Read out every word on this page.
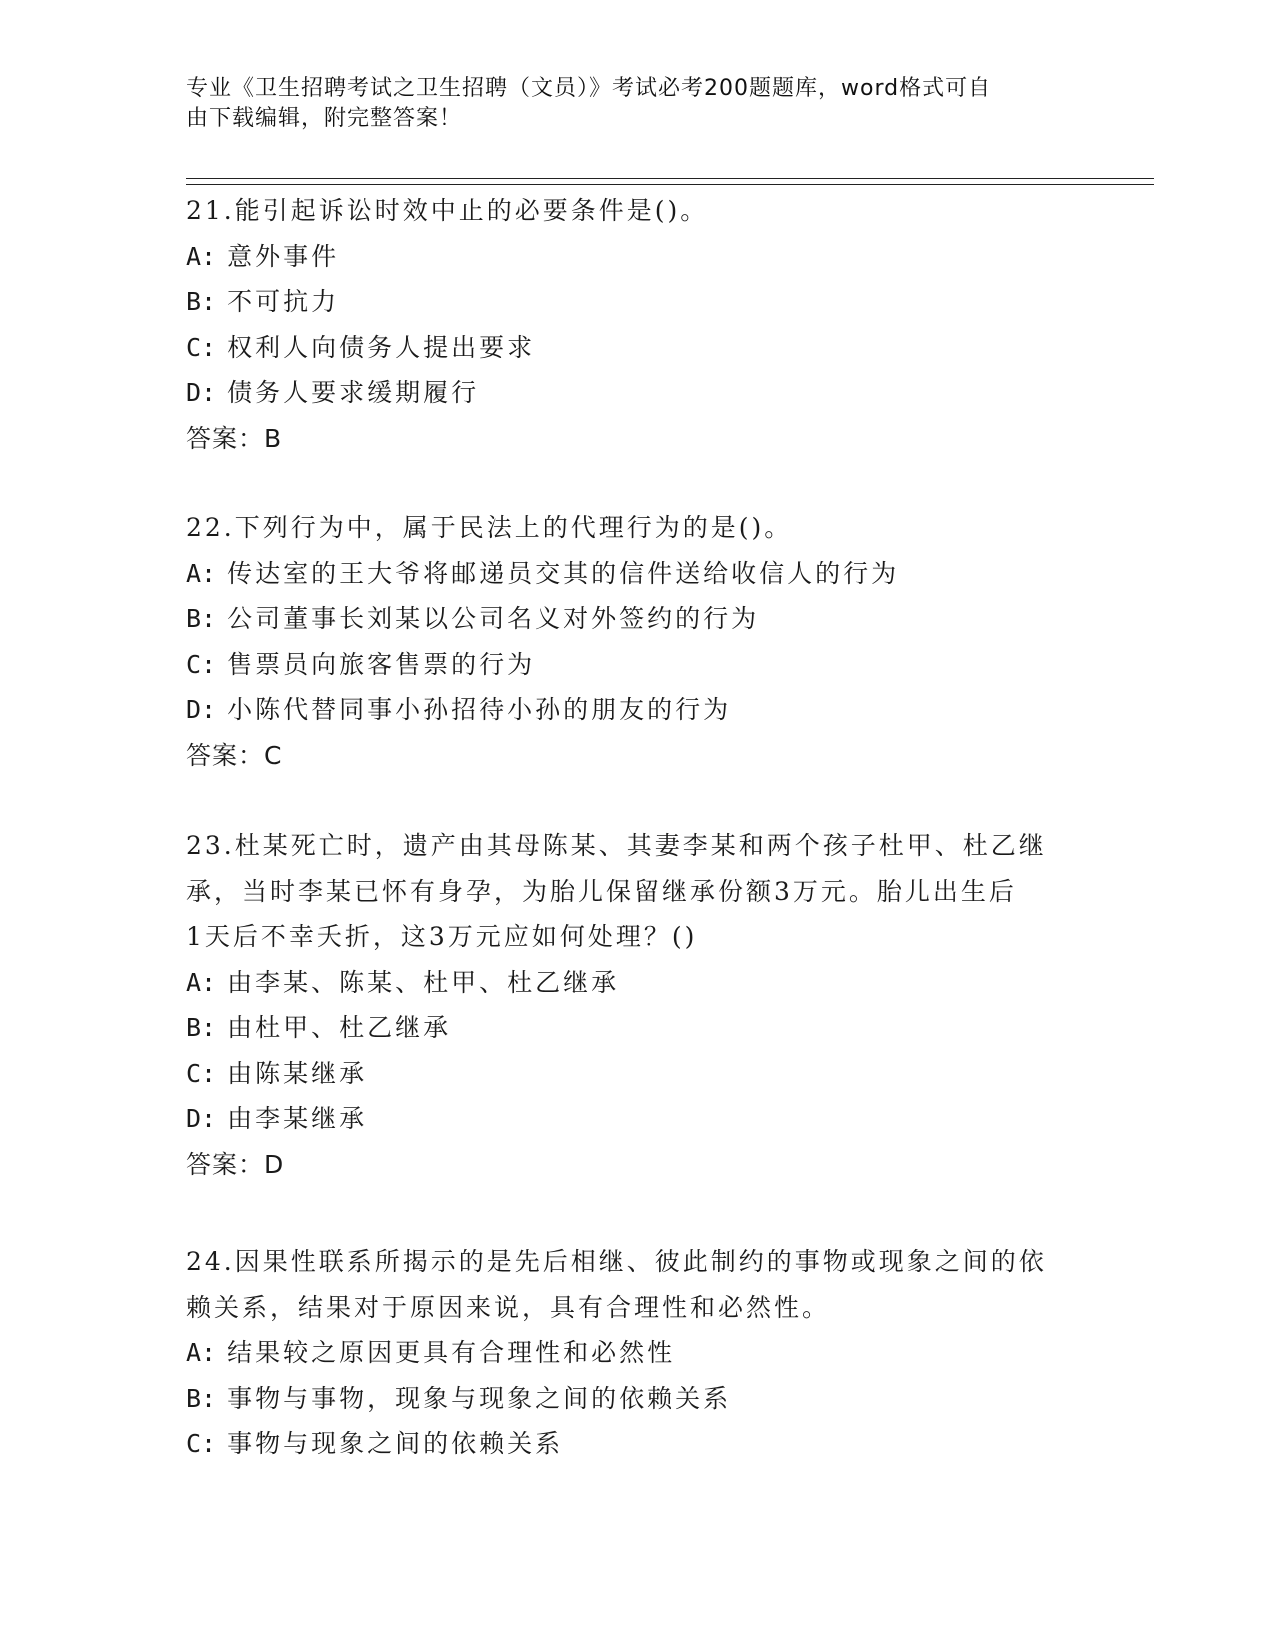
专业《卫生招聘考试之卫生招聘（文员）》考试必考200题题库，word格式可自
由下载编辑，附完整答案！
21.能引起诉讼时效中止的必要条件是()。
A: 意外事件
B: 不可抗力
C: 权利人向债务人提出要求
D: 债务人要求缓期履行
答案：B
22.下列行为中，属于民法上的代理行为的是()。
A: 传达室的王大爷将邮递员交其的信件送给收信人的行为
B: 公司董事长刘某以公司名义对外签约的行为
C: 售票员向旅客售票的行为
D: 小陈代替同事小孙招待小孙的朋友的行为
答案：C
23.杜某死亡时，遗产由其母陈某、其妻李某和两个孩子杜甲、杜乙继
承，当时李某已怀有身孕，为胎儿保留继承份额3万元。胎儿出生后
1天后不幸夭折，这3万元应如何处理？()
A: 由李某、陈某、杜甲、杜乙继承
B: 由杜甲、杜乙继承
C: 由陈某继承
D: 由李某继承
答案：D
24.因果性联系所揭示的是先后相继、彼此制约的事物或现象之间的依
赖关系，结果对于原因来说，具有合理性和必然性。
A: 结果较之原因更具有合理性和必然性
B: 事物与事物，现象与现象之间的依赖关系
C: 事物与现象之间的依赖关系
